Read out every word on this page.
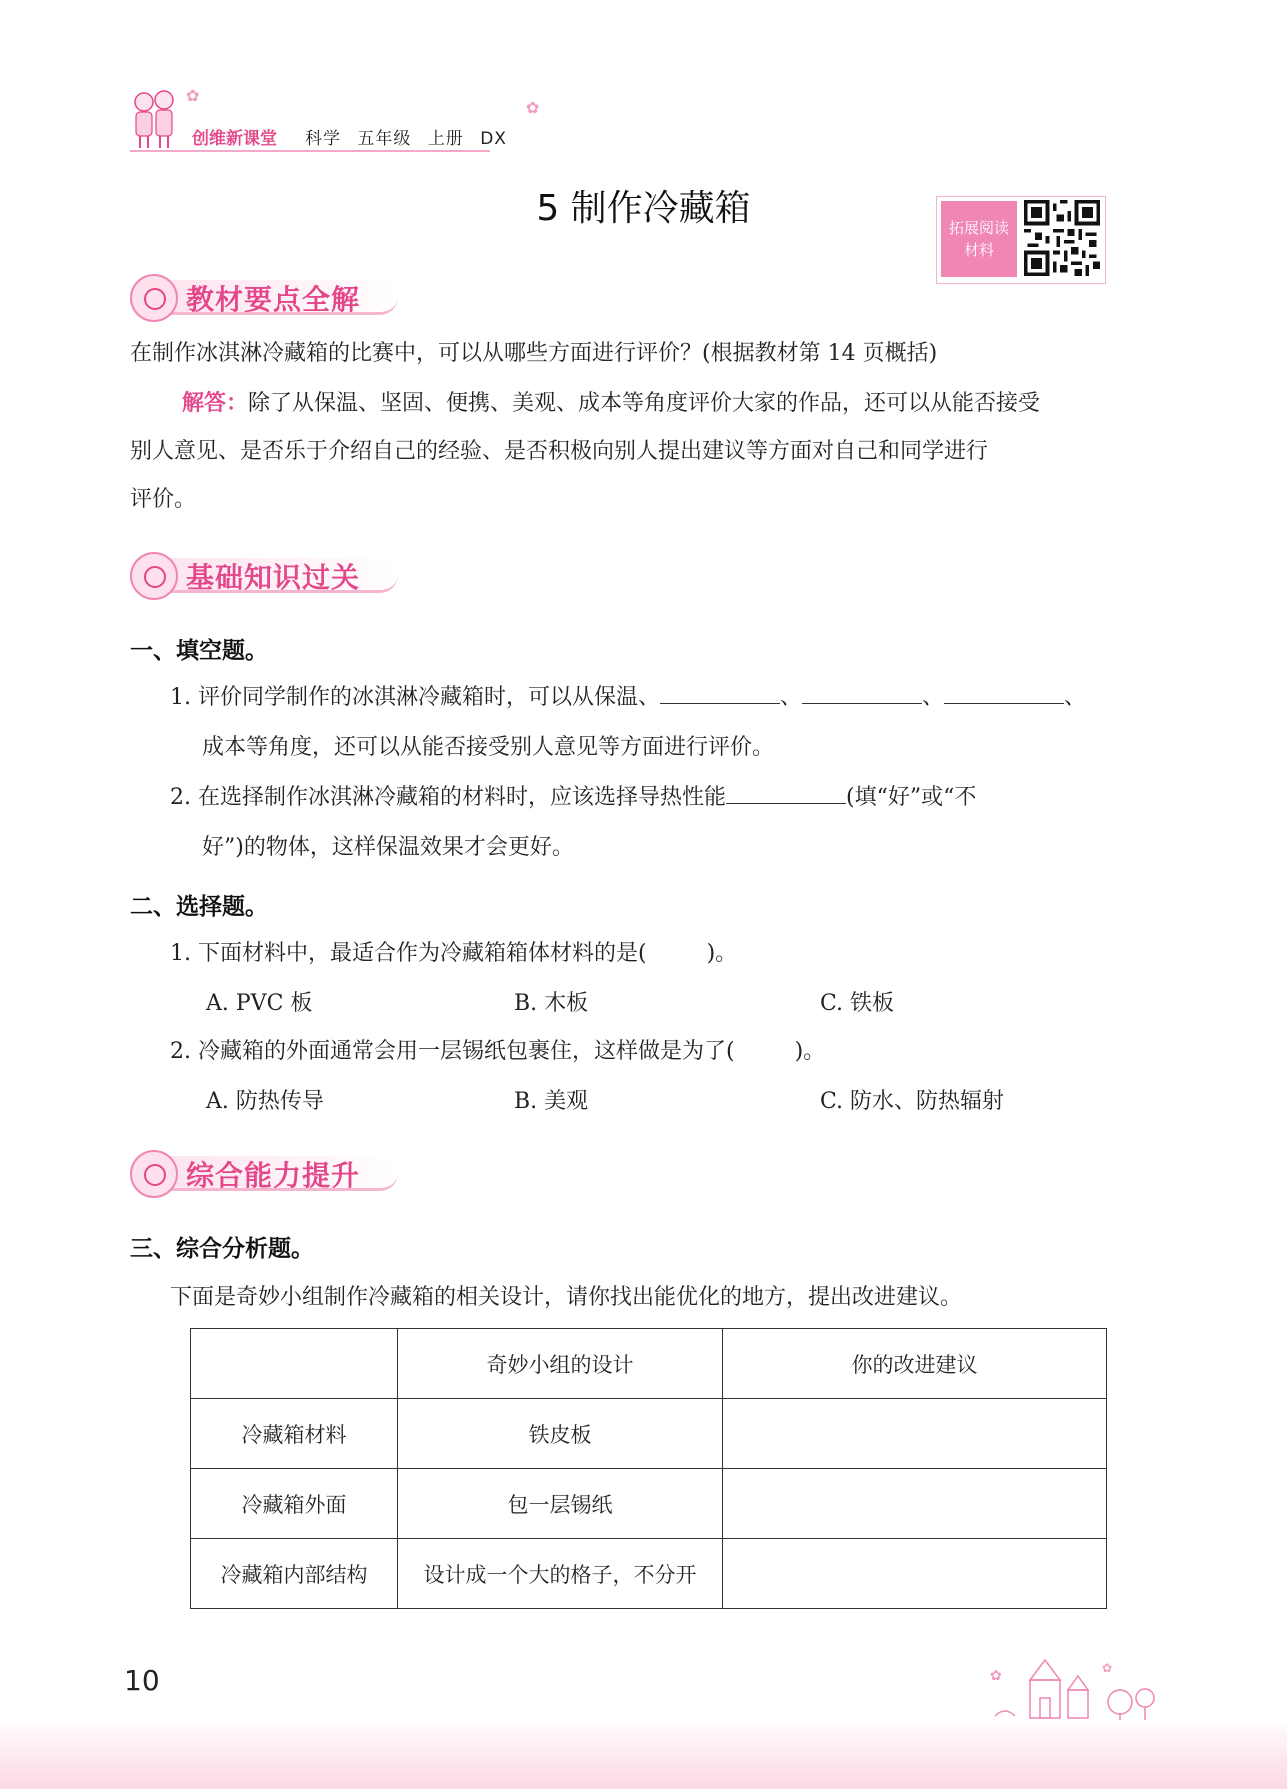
创维新课堂 科学 五年级 上册 DX
✿
✿
5 制作冷藏箱	拓展阅读
材料
教材要点全解
在制作冰淇淋冷藏箱的比赛中，可以从哪些方面进行评价？(根据教材第 14 页概括)
解答：除了从保温、坚固、便携、美观、成本等角度评价大家的作品，还可以从能否接受
别人意见、是否乐于介绍自己的经验、是否积极向别人提出建议等方面对自己和同学进行
评价。
基础知识过关
一、填空题。
1. 评价同学制作的冰淇淋冷藏箱时，可以从保温、	、	、	、
成本等角度，还可以从能否接受别人意见等方面进行评价。
2. 在选择制作冰淇淋冷藏箱的材料时，应该选择导热性能	(填“好”或“不
好”)的物体，这样保温效果才会更好。
二、选择题。
1. 下面材料中，最适合作为冷藏箱箱体材料的是(	)。
A. PVC 板	B. 木板	C. 铁板
2. 冷藏箱的外面通常会用一层锡纸包裹住，这样做是为了(	)。
A. 防热传导	B. 美观	C. 防水、防热辐射
综合能力提升
三、综合分析题。
下面是奇妙小组制作冷藏箱的相关设计，请你找出能优化的地方，提出改进建议。
	奇妙小组的设计	你的改进建议
冷藏箱材料	铁皮板	
冷藏箱外面	包一层锡纸	
冷藏箱内部结构	设计成一个大的格子，不分开	
10	✿	✿
